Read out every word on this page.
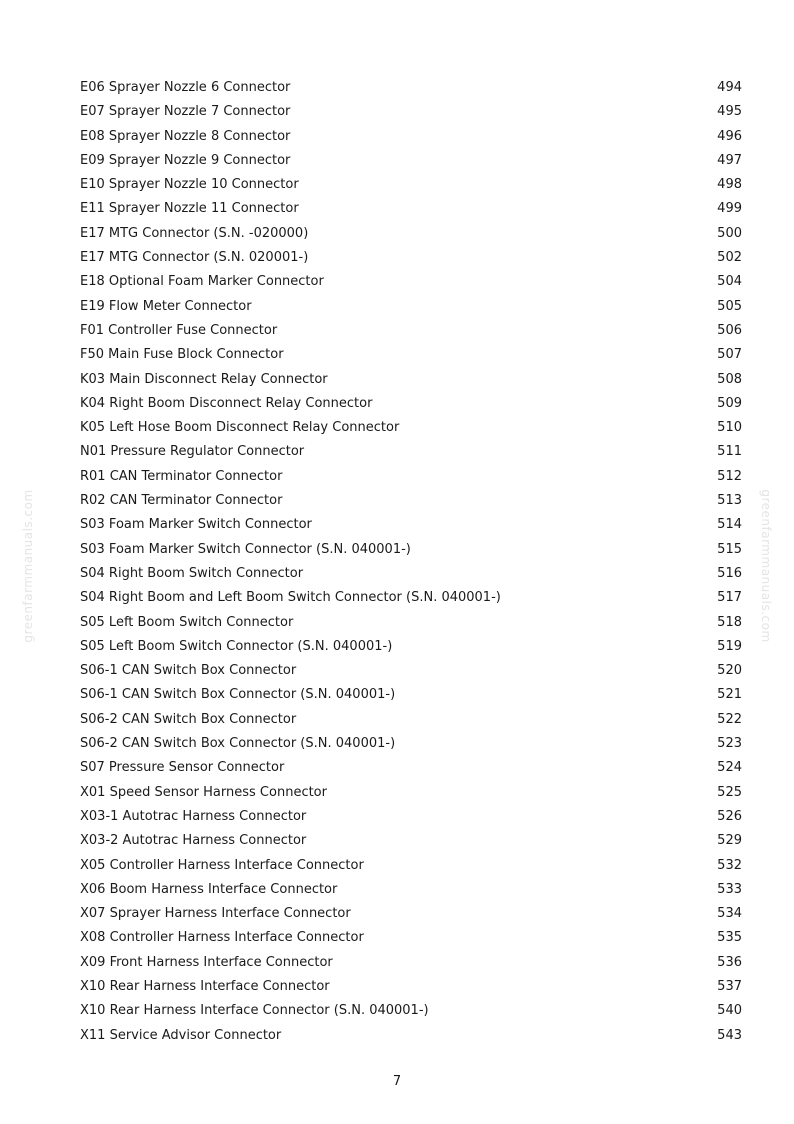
greenfarmmanuals.com	greenfarmmanuals.com
E06 Sprayer Nozzle 6 Connector	494
E07 Sprayer Nozzle 7 Connector	495
E08 Sprayer Nozzle 8 Connector	496
E09 Sprayer Nozzle 9 Connector	497
E10 Sprayer Nozzle 10 Connector	498
E11 Sprayer Nozzle 11 Connector	499
E17 MTG Connector (S.N. -020000)	500
E17 MTG Connector (S.N. 020001-)	502
E18 Optional Foam Marker Connector	504
E19 Flow Meter Connector	505
F01 Controller Fuse Connector	506
F50 Main Fuse Block Connector	507
K03 Main Disconnect Relay Connector	508
K04 Right Boom Disconnect Relay Connector	509
K05 Left Hose Boom Disconnect Relay Connector	510
N01 Pressure Regulator Connector	511
R01 CAN Terminator Connector	512
R02 CAN Terminator Connector	513
S03 Foam Marker Switch Connector	514
S03 Foam Marker Switch Connector (S.N. 040001-)	515
S04 Right Boom Switch Connector	516
S04 Right Boom and Left Boom Switch Connector (S.N. 040001-)	517
S05 Left Boom Switch Connector	518
S05 Left Boom Switch Connector (S.N. 040001-)	519
S06-1 CAN Switch Box Connector	520
S06-1 CAN Switch Box Connector (S.N. 040001-)	521
S06-2 CAN Switch Box Connector	522
S06-2 CAN Switch Box Connector (S.N. 040001-)	523
S07 Pressure Sensor Connector	524
X01 Speed Sensor Harness Connector	525
X03-1 Autotrac Harness Connector	526
X03-2 Autotrac Harness Connector	529
X05 Controller Harness Interface Connector	532
X06 Boom Harness Interface Connector	533
X07 Sprayer Harness Interface Connector	534
X08 Controller Harness Interface Connector	535
X09 Front Harness Interface Connector	536
X10 Rear Harness Interface Connector	537
X10 Rear Harness Interface Connector (S.N. 040001-)	540
X11 Service Advisor Connector	543
7
